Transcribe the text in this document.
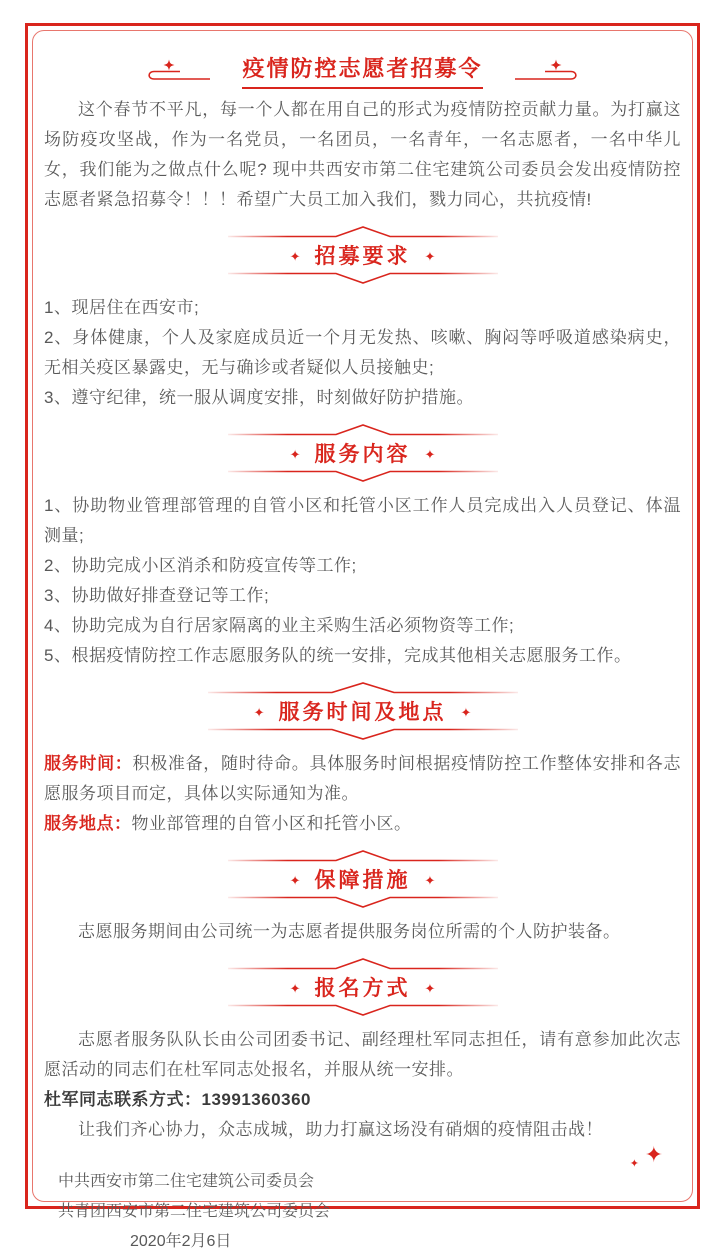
疫情防控志愿者招募令

这个春节不平凡，每一个人都在用自己的形式为疫情防控贡献力量。为打赢这场防疫攻坚战，作为一名党员，一名团员，一名青年，一名志愿者，一名中华儿女，我们能为之做点什么呢? 现中共西安市第二住宅建筑公司委员会发出疫情防控志愿者紧急招募令！！！希望广大员工加入我们，戮力同心，共抗疫情!

✦ 招募要求 ✦

1、现居住在西安市;

2、身体健康，个人及家庭成员近一个月无发热、咳嗽、胸闷等呼吸道感染病史，无相关疫区暴露史，无与确诊或者疑似人员接触史;

3、遵守纪律，统一服从调度安排，时刻做好防护措施。

✦ 服务内容 ✦

1、协助物业管理部管理的自管小区和托管小区工作人员完成出入人员登记、体温测量;

2、协助完成小区消杀和防疫宣传等工作;

3、协助做好排查登记等工作;

4、协助完成为自行居家隔离的业主采购生活必须物资等工作;

5、根据疫情防控工作志愿服务队的统一安排，完成其他相关志愿服务工作。

✦ 服务时间及地点 ✦

服务时间：积极准备，随时待命。具体服务时间根据疫情防控工作整体安排和各志愿服务项目而定，具体以实际通知为准。

服务地点：物业部管理的自管小区和托管小区。

✦ 保障措施 ✦

志愿服务期间由公司统一为志愿者提供服务岗位所需的个人防护装备。

✦ 报名方式 ✦

志愿者服务队队长由公司团委书记、副经理杜军同志担任，请有意参加此次志愿活动的同志们在杜军同志处报名，并服从统一安排。

杜军同志联系方式：13991360360

让我们齐心协力，众志成城，助力打赢这场没有硝烟的疫情阻击战！

中共西安市第二住宅建筑公司委员会

共青团西安市第二住宅建筑公司委员会

2020年2月6日

✦
✦
